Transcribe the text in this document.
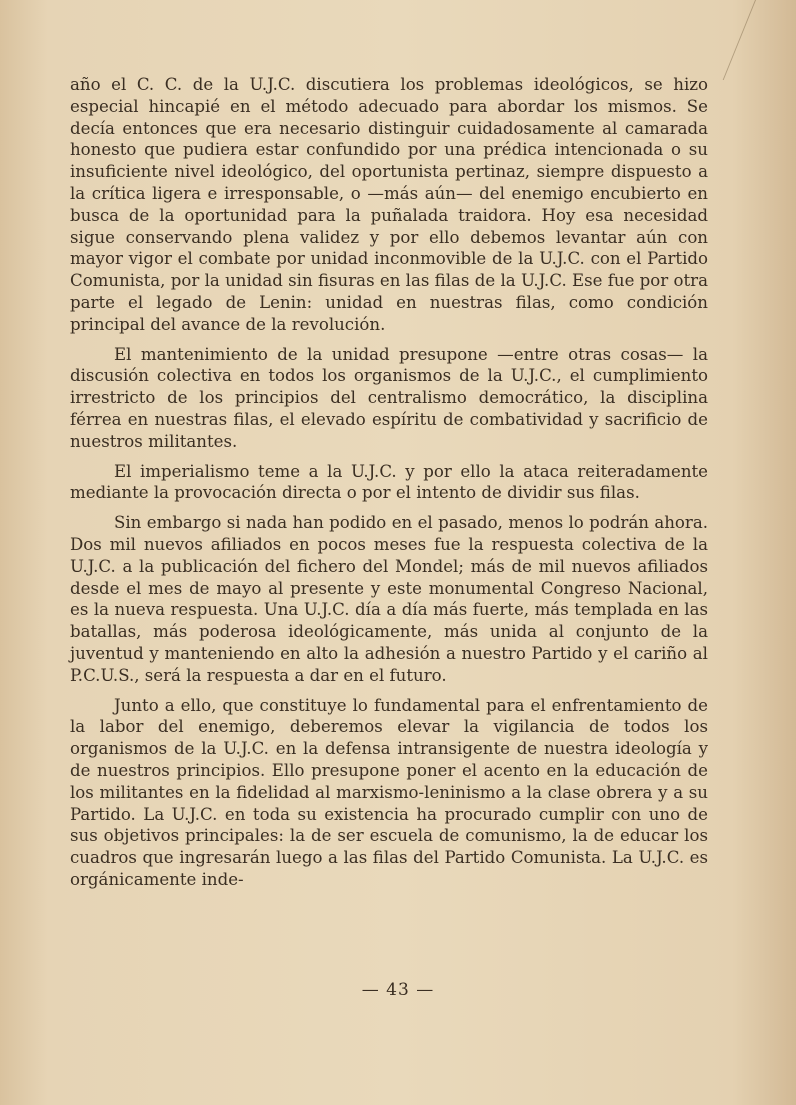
año el C. C. de la U.J.C. discutiera los problemas ideológicos, se hizo especial hincapié en el método adecuado para abordar los mismos. Se decía entonces que era necesario distinguir cuidadosamente al camarada honesto que pudiera estar confundido por una prédica intencionada o su insuficiente nivel ideológico, del oportunista pertinaz, siempre dispuesto a la crítica ligera e irresponsable, o —más aún— del enemigo encubierto en busca de la oportunidad para la puñalada traidora. Hoy esa necesidad sigue conservando plena validez y por ello debemos levantar aún con mayor vigor el combate por unidad inconmovible de la U.J.C. con el Partido Comunista, por la unidad sin fisuras en las filas de la U.J.C. Ese fue por otra parte el legado de Lenin: unidad en nuestras filas, como condición principal del avance de la revolución.

El mantenimiento de la unidad presupone —entre otras cosas— la discusión colectiva en todos los organismos de la U.J.C., el cumplimiento irrestricto de los principios del centralismo democrático, la disciplina férrea en nuestras filas, el elevado espíritu de combatividad y sacrificio de nuestros militantes.

El imperialismo teme a la U.J.C. y por ello la ataca reiteradamente mediante la provocación directa o por el intento de dividir sus filas.

Sin embargo si nada han podido en el pasado, menos lo podrán ahora. Dos mil nuevos afiliados en pocos meses fue la respuesta colectiva de la U.J.C. a la publicación del fichero del Mondel; más de mil nuevos afiliados desde el mes de mayo al presente y este monumental Congreso Nacional, es la nueva respuesta. Una U.J.C. día a día más fuerte, más templada en las batallas, más poderosa ideológicamente, más unida al conjunto de la juventud y manteniendo en alto la adhesión a nuestro Partido y el cariño al P.C.U.S., será la respuesta a dar en el futuro.

Junto a ello, que constituye lo fundamental para el enfrentamiento de la labor del enemigo, deberemos elevar la vigilancia de todos los organismos de la U.J.C. en la defensa intransigente de nuestra ideología y de nuestros principios. Ello presupone poner el acento en la educación de los militantes en la fidelidad al marxismo-leninismo a la clase obrera y a su Partido. La U.J.C. en toda su existencia ha procurado cumplir con uno de sus objetivos principales: la de ser escuela de comunismo, la de educar los cuadros que ingresarán luego a las filas del Partido Comunista. La U.J.C. es orgánicamente inde-

— 43 —
